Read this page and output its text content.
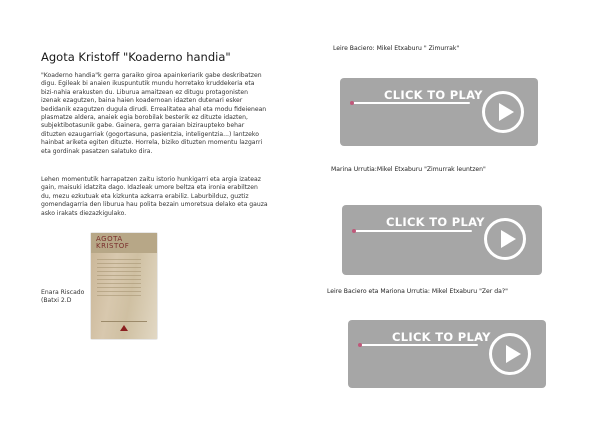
Agota Kristoff "Koaderno handia"

"Koaderno handia"k gerra garaiko giroa apainkeriarik gabe deskribatzen digu. Egileak bi anaien ikuspuntutik mundu horretako kruddekeria eta bizi-nahia erakusten du. Liburua amaitzean ez ditugu protagonisten izenak ezagutzen, baina haien koadernoan idazten dutenari esker bedidanik ezagutzen dugula dirudi. Errealitatea ahal eta modu fideienean plasmatze aldera, anaiek egia borobilak besterik ez dituzte idazten, subjektibotasunik gabe. Gainera, gerra garaian biziraupteko behar dituzten ezaugarriak (gogortasuna, pasientzia, inteligentzia...) lantzeko hainbat ariketa egiten dituzte. Horrela, biziko dituzten momentu lazgarri eta gordinak pasatzen salatuko dira.

Lehen momentutik harrapatzen zaitu istorio hunkigarri eta argia izateaz gain, maisuki idatzita dago. Idazleak umore beltza eta ironia erabiltzen du, mezu ezkutuak eta kizkunta azkarra erabiliz. Laburbilduz, guztiz gomendagarria den liburua hau polita bezain umoretsua delako eta gauza asko irakats diezazkigulako.

Enara Riscado
(Batxi 2.D
AGOTA
KRISTOF
Leire Baciero: Mikel Etxaburu " Zimurrak"
CLICK TO PLAY
Marina Urrutia:Mikel Etxaburu "Zimurrak leuntzen"
CLICK TO PLAY
Leire Baciero eta Mariona Urrutia: Mikel Etxaburu "Zer da?"
CLICK TO PLAY
